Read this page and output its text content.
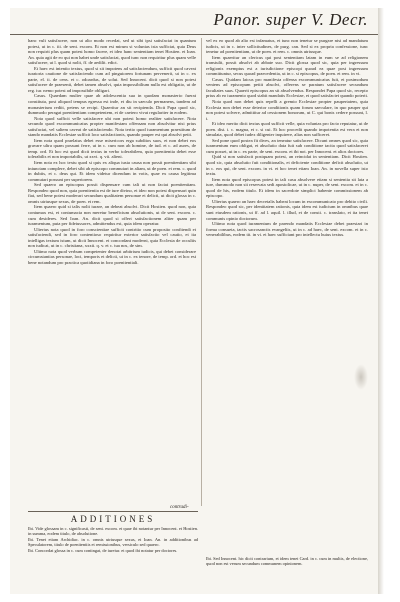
Panor. super V. Decr.

hanc vult satisfacere, non ut alio modo recedat, sed ut sibi ipsi satisfaciat in quantum potest, ut in c. iii. de sent. excom. Et non est mirum si voluntas ista sufficiat, quia Deus non requirit plus quam potest homo facere, et ideo hanc sententiam tenet Hostien. et Ioan. An. quia agit de eo qui non habet unde satisfaciat, quod tunc non requiritur plus quam velle satisfacere, ut l. quod si nolit, ff. de aedilit. edict.

Et haec est intentio textus, quod si sit impotens ad satisfaciendum, sufficit quod caveat iuratoria cautione de satisfaciendo cum ad pinguiorem fortunam pervenerit, ut in c. ex parte, el. ii. de cens. et c. odoardus, de solut. Sed Innocent. dicit quod si non potest satisfacere de praesenti, debet tamen absolvi, quia impossibilium nulla est obligatio, ut de reg. iur. nemo potest ad impossibile obligari.

Casus. Quaedam mulier quae ab adolescentia sua in quodam monasterio fuerat constituta, post aliquod tempus egressa est inde, et diu in saeculo permanens, tandem ad monasterium rediit, petens se recipi. Quaeritur an sit recipienda. Dicit Papa quod sic, dummodo peragat poenitentiam competentem, et de caetero vivat regulariter in eodem.

Nota quod sufficit velle satisfacere ubi non potest homo realiter satisfacere. Nota secundo quod excommunicatus propter manifestam offensam non absolvitur nisi prius satisfaciat, vel saltem caveat de satisfaciendo. Nota tertio quod iuramentum praestitum de stando mandatis Ecclesiae sufficit loco satisfactionis, quando pauper est qui absolvi petit.

Item nota quod praelatus debet esse misericors erga subditos suos, et non debet eos gravare ultra quam possunt ferre, ut in c. cum non ab homine, de iud. et c. ad aures, de temp. ord. Et hoc est quod dicit textus in verbo tolerabilem, quia poenitentia debet esse tolerabilis et non importabilis, ut xxvi. q. vii. alieni.

Item nota ex hoc textu quod si quis ex aliqua iusta causa non possit poenitentiam sibi iniunctam complere, debet sibi ab episcopo commutari in aliam, ut de poen. et rem. c. quod in dubiis, et c. deus qui. Et idem videtur dicendum in votis, quae ex causa legitima commutari possunt per superiorem.

Sed quaero an episcopus possit dispensare cum tali ut non faciat poenitentiam. Respondeo quod non, quia poenitentia est de iure divino, et ideo non potest dispensari quin fiat, sed bene potest moderari secundum qualitatem personae et delicti, ut dicit glossa in c. omnis utriusque sexus, de poen. et rem.

Item quaero quid si talis nolit iurare, an debeat absolvi. Dicit Hostien. quod non, quia contumax est, et contumacia non meretur beneficium absolutionis, ut de sent. excom. c. cum desideres. Sed Ioan. An. dicit quod si offert satisfactionem aliter quam per iuramentum, puta per fideiussores, admittendus est, quia idem operatur.

Ulterius nota quod in foro conscientiae sufficit contritio cum proposito confitendi et satisfaciendi, sed in foro contentioso requiritur exterior satisfactio vel cautio, et ita intelligas textum istum, ut dicit Innocent. et concordant moderni, quia Ecclesia de occultis non iudicat, ut in c. christiana, xxxii. q. v. et c. tua nos, de sim.

Ultimo nota quod verbum competenter denotat arbitrium iudicis, qui debet considerare circumstantias personae, loci, temporis et delicti, ut in c. ex tenore, de temp. ord. et hoc est bene notandum pro practica quotidiana in foro poenitentiali.

vel ex eo quod ab alio est infamatus, et tunc non tenetur se purgare nisi ad mandatum iudicis, ut in c. inter sollicitudines, de purg. can. Sed si ex propria confessione, tunc tenetur ad poenitentiam, ut de poen. et rem. c. omnis utriusque.

Item quaeritur an clericus qui post sententiam latam in eum se ad religionem transtulit, possit absolvi ab abbate suo. Dicit glossa quod sic, quia per ingressum religionis exemptus est a iurisdictione episcopi quoad ea quae post ingressum committuntur, secus quoad praecedentia, ut in c. si episcopus, de poen. et rem. in vi.

Casus. Quidam laicus pro manifesta offensa excommunicatus fuit, et postmodum veniens ad episcopum petiit absolvi, offerens se paratum satisfacere secundum facultates suas. Quaerit episcopus an sit absolvendus. Respondet Papa quod sic, recepto prius ab eo iuramento quod stabit mandatis Ecclesiae, et quod satisfaciet quando poterit.

Nota quod non debet quis repelli a gremio Ecclesiae propter paupertatem, quia Ecclesia non debet esse deterior conditionis quam forum saeculare, in quo pauper qui non potest solvere, admittitur ad cessionem bonorum, ut C. qui bonis cedere possunt, l. i.

Et ideo merito dicit textus quod sufficit velle, quia voluntas pro facto reputatur, ut de poen. dist. i. c. magna, et c. si cui. Et hoc procedit quando impotentia est vera et non simulata, quod debet iudex diligenter inquirere, alias non sufficeret.

Sed pone quod postea fit dives, an teneatur satisfacere. Dicunt omnes quod sic, quia iuramentum eum obligat, et absolutio data fuit sub conditione tacita quod satisfaceret cum posset, ut in c. ex parte, de sent. excom. et ibi not. per Innocent. et alios doctores.

Quid si non satisfacit postquam potest, an reincidat in sententiam. Dicit Hostien. quod sic, quia absolutio fuit conditionalis, et deficiente conditione deficit absolutio, ut in c. eos qui, de sent. excom. in vi. et hoc tenet etiam Ioan. An. in novella super isto textu.

Item nota quod episcopus potest in tali casu absolvere etiam si sententia sit lata a iure, dummodo non sit reservata sedi apostolicae, ut in c. nuper, de sent. excom. et in c. quod de his, eodem titulo. Et idem in sacerdote simplici habente commissionem ab episcopo.

Ulterius quaero an haec decretalis habeat locum in excommunicato pro debito civili. Respondeo quod sic, per identitatem rationis, quia idem est iudicium in omnibus quae sunt eiusdem rationis, ut ff. ad l. aquil. l. illud, et de consti. c. translato, et ita tenet communis opinio doctorum.

Ultimo nota quod iuramentum de parendo mandatis Ecclesiae debet praestari in forma consueta, tactis sacrosanctis evangeliis, ut in c. ad haec, de sent. excom. et in c. venerabilibus, eodem tit. in vi. et haec sufficiant pro intellectu huius textus.

contradi-
ADDITIONES

Ibi. Vide glossam in c. significasti, de sent. excom. et quae ibi notantur per Innocent. et Hostien. in summa, eodem titulo, de absolutione.

Ibi. Tenet etiam Archidiac. in c. omnis utriusque sexus, et Ioan. An. in additionibus ad Speculatorem, titulo de poenitentiis et remissionibus, versiculo sed quaero.

Ibi. Concordat glossa in c. cum contingat, de iureiur. et quod ibi notatur per doctores.

Ibi. Sed Innocent. hic dicit contrarium, et idem tenet Card. in c. cum in multis, de electione, quod non est verum secundum communem opinionem.
